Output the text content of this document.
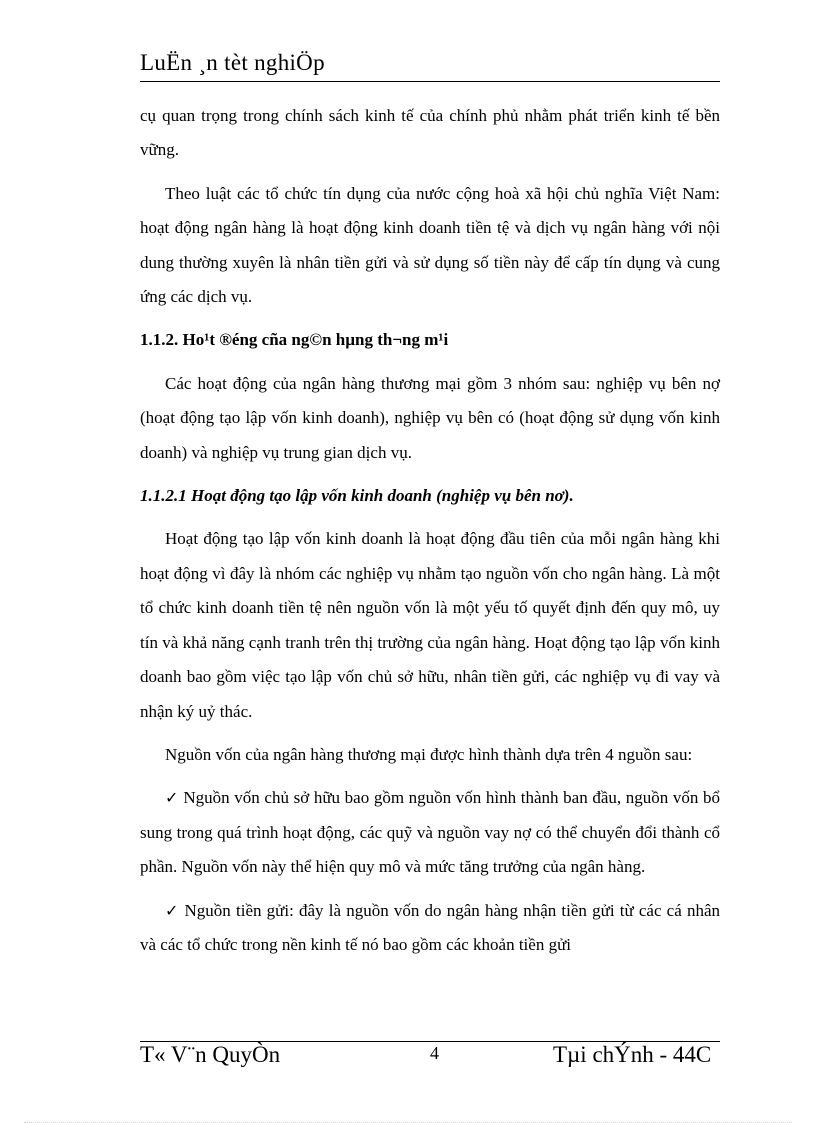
LuËn ¸n tèt nghiÖp

cụ quan trọng trong chính sách kinh tế của chính phủ nhằm phát triển kinh tế bền vững.

Theo luật các tổ chức tín dụng của nước cộng hoà xã hội chủ nghĩa Việt Nam: hoạt động ngân hàng là hoạt động kinh doanh tiền tệ và dịch vụ ngân hàng với nội dung thường xuyên là nhân tiền gửi và sử dụng số tiền này để cấp tín dụng và cung ứng các dịch vụ.

1.1.2. Ho¹t ®éng cña ng©n hµng th¬ng m¹i

Các hoạt động của ngân hàng thương mại gồm 3 nhóm sau: nghiệp vụ bên nợ (hoạt động tạo lập vốn kinh doanh), nghiệp vụ bên có (hoạt động sử dụng vốn kinh doanh) và nghiệp vụ trung gian dịch vụ.

1.1.2.1 Hoạt động tạo lập vốn kinh doanh (nghiệp vụ bên nơ).

Hoạt động tạo lập vốn kinh doanh là hoạt động đầu tiên của mỗi ngân hàng khi hoạt động vì đây là nhóm các nghiệp vụ nhằm tạo nguồn vốn cho ngân hàng. Là một tổ chức kinh doanh tiền tệ nên nguồn vốn là một yếu tố quyết định đến quy mô, uy tín và khả năng cạnh tranh trên thị trường của ngân hàng. Hoạt động tạo lập vốn kinh doanh bao gồm việc tạo lập vốn chủ sở hữu, nhân tiền gửi, các nghiệp vụ đi vay và nhận ký uỷ thác.

Nguồn vốn của ngân hàng thương mại được hình thành dựa trên 4 nguồn sau:

✓ Nguồn vốn chủ sở hữu bao gồm nguồn vốn hình thành ban đầu, nguồn vốn bổ sung trong quá trình hoạt động, các quỹ và nguồn vay nợ có thể chuyển đổi thành cổ phần. Nguồn vốn này thể hiện quy mô và mức tăng trưởng của ngân hàng.

✓ Nguồn tiền gửi: đây là nguồn vốn do ngân hàng nhận tiền gửi từ các cá nhân và các tổ chức trong nền kinh tế nó bao gồm các khoản tiền gửi

T« V¨n QuyÒn	4	Tµi chÝnh - 44C
